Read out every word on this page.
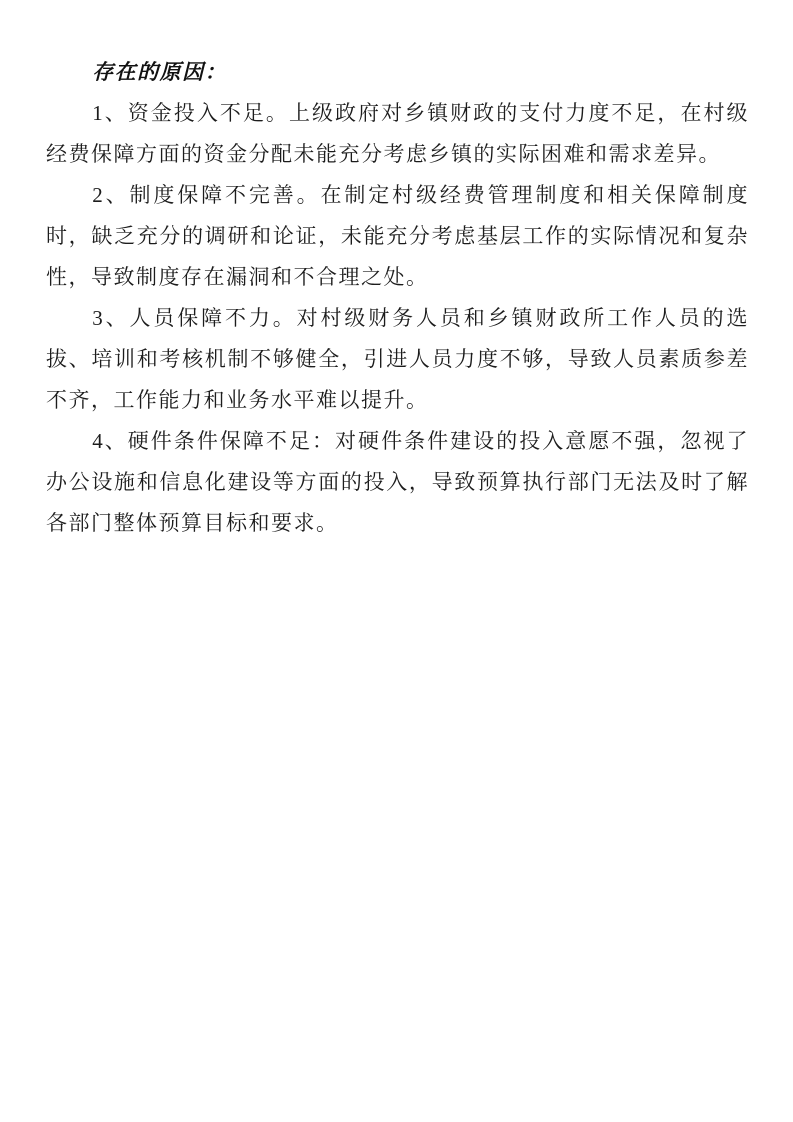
存在的原因：

1、资金投入不足。上级政府对乡镇财政的支付力度不足，在村级经费保障方面的资金分配未能充分考虑乡镇的实际困难和需求差异。

2、制度保障不完善。在制定村级经费管理制度和相关保障制度时，缺乏充分的调研和论证，未能充分考虑基层工作的实际情况和复杂性，导致制度存在漏洞和不合理之处。

3、人员保障不力。对村级财务人员和乡镇财政所工作人员的选拔、培训和考核机制不够健全，引进人员力度不够，导致人员素质参差不齐，工作能力和业务水平难以提升。

4、硬件条件保障不足：对硬件条件建设的投入意愿不强，忽视了办公设施和信息化建设等方面的投入，导致预算执行部门无法及时了解各部门整体预算目标和要求。
